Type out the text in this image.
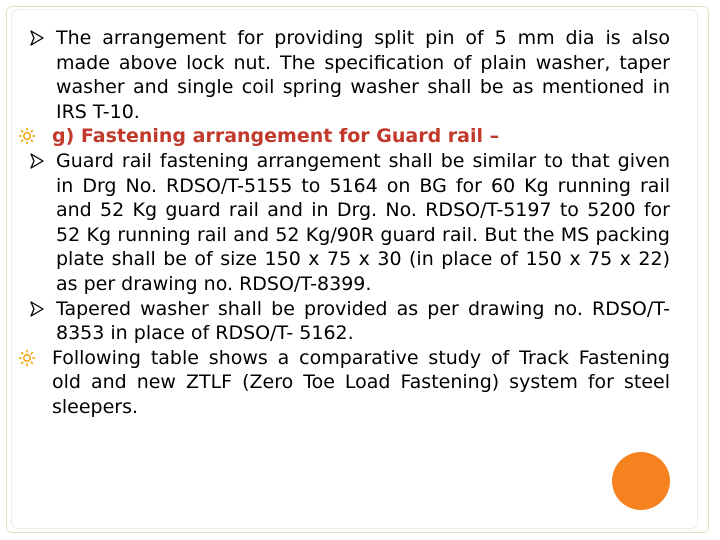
The arrangement for providing split pin of 5 mm dia is also made above lock nut. The specification of plain washer, taper washer and single coil spring washer shall be as mentioned in IRS T-10.
g) Fastening arrangement for Guard rail –
Guard rail fastening arrangement shall be similar to that given in Drg No. RDSO/T-5155 to 5164 on BG for 60 Kg running rail and 52 Kg guard rail and in Drg. No. RDSO/T-5197 to 5200 for 52 Kg running rail and 52 Kg/90R guard rail. But the MS packing plate shall be of size 150 x 75 x 30 (in place of 150 x 75 x 22) as per drawing no. RDSO/T-8399.
Tapered washer shall be provided as per drawing no. RDSO/T-8353 in place of RDSO/T- 5162.
Following table shows a comparative study of Track Fastening old and new ZTLF (Zero Toe Load Fastening) system for steel sleepers.
